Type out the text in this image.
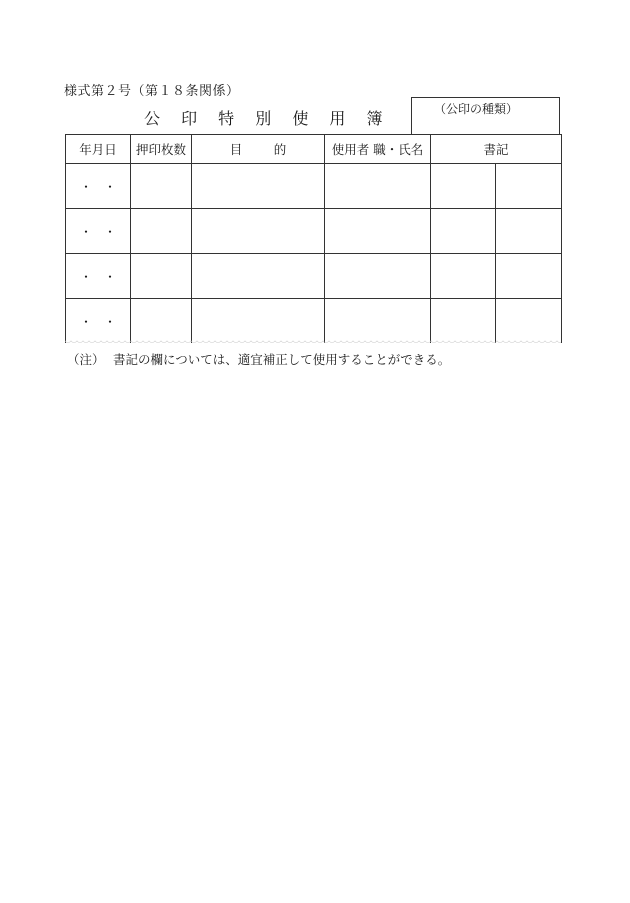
様式第２号（第１８条関係）
公 印 特 別 使 用 簿	（公印の種類）
年月日	押印枚数	目 的	使用者 職・氏名	書記	
・　・					
・　・					
・　・					
・　・					
（注） 書記の欄については、適宜補正して使用することができる。
